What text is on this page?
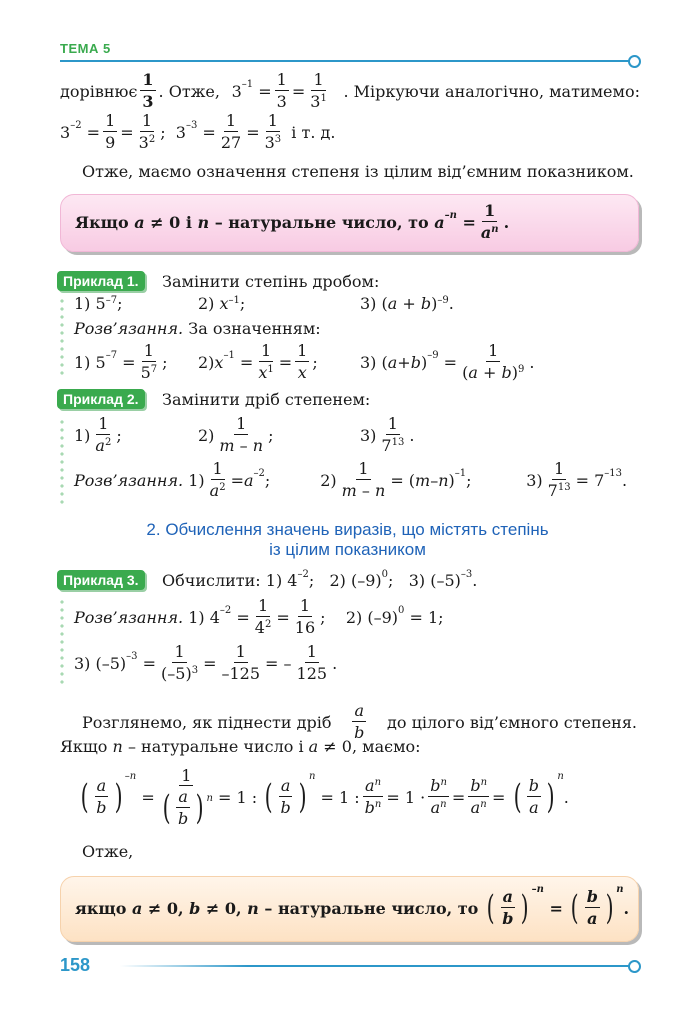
ТЕМА 5
дорівнює $\frac{1}{3}$ . Отже, $3^{-1} = \frac{1}{3} = \frac{1}{3^1}$ . Міркуючи аналогічно, матимемо:
$3^{-2} = \frac{1}{9} = \frac{1}{3^2}$ ;  $3^{-3} = \frac{1}{27} = \frac{1}{3^3}$
і т. д.
Отже, маємо означення степеня із цілим від’ємним показником.
Якщо
a ≠ 0 і
n
– натуральне число, то
$a^{-n} = \frac{1}{a^n}$ .
Приклад 1.	Замінити степінь дробом:
1) $5^{-7}$;	2) $x^{-1}$;	3) $(a + b)^{-9}$.
Розв’язання.
За означенням:
1) $5^{-7} = \frac{1}{5^7}$ ;	2) $x^{-1} = \frac{1}{x^1} = \frac{1}{x}$ ;	3) ( a + b )$^{-9} = \frac{1}{(a + b)^9}$ .
Приклад 2.	Замінити дріб степенем:
$1) \frac{1}{a^2}$ ;	$2) \frac{1}{m - n}$ ;	$3) \frac{1}{7^{13}}$ .
Розв’язання.
$1) \frac{1}{a^2} = a^{-2}$ ;	$2) \frac{1}{m - n}$ = ( m – n )$^{-1}$ ;	$3) \frac{1}{7^{13}} = 7^{-13}$ .
2. Обчислення значень виразів, що містять степінь
із цілим показником
Приклад 3.	Обчислити: 1) $4^{-2}$ ;   2) $(-9)^0$ ;   3) $(-5)^{-3}$ .
Розв’язання. 1) $4^{-2} = \frac{1}{4^2} = \frac{1}{16}$ ;    2) $(-9)^0 = 1$;
3) $(-5)^{-3} = \frac{1}{(-5)^3} = \frac{1}{-125}$ = – $\frac{1}{125}$ .
Розглянемо, як піднести дріб $\frac{a}{b}$ до цілого від’ємного степеня.
Якщо
n
– натуральне число і
a ≠ 0 , маємо:
( $\frac{a}{b}$ )
$^{-n}$
= $\frac{1}{( \frac{a}{b} ) ^n} = 1$ : ( $\frac{a}{b}$ )
$^n$
= 1 : $\frac{a^n}{b^n} = 1 \cdot \frac{b^n}{a^n} = \frac{b^n}{a^n}$ = ( $\frac{b}{a}$ )
$^n$
.
Отже,
якщо
a ≠ 0, b ≠ 0, n
– натуральне число, то
( $\frac{a}{b}$ ) $^{-n}$
= ( $\frac{b}{a}$ ) $^n$
.
158
